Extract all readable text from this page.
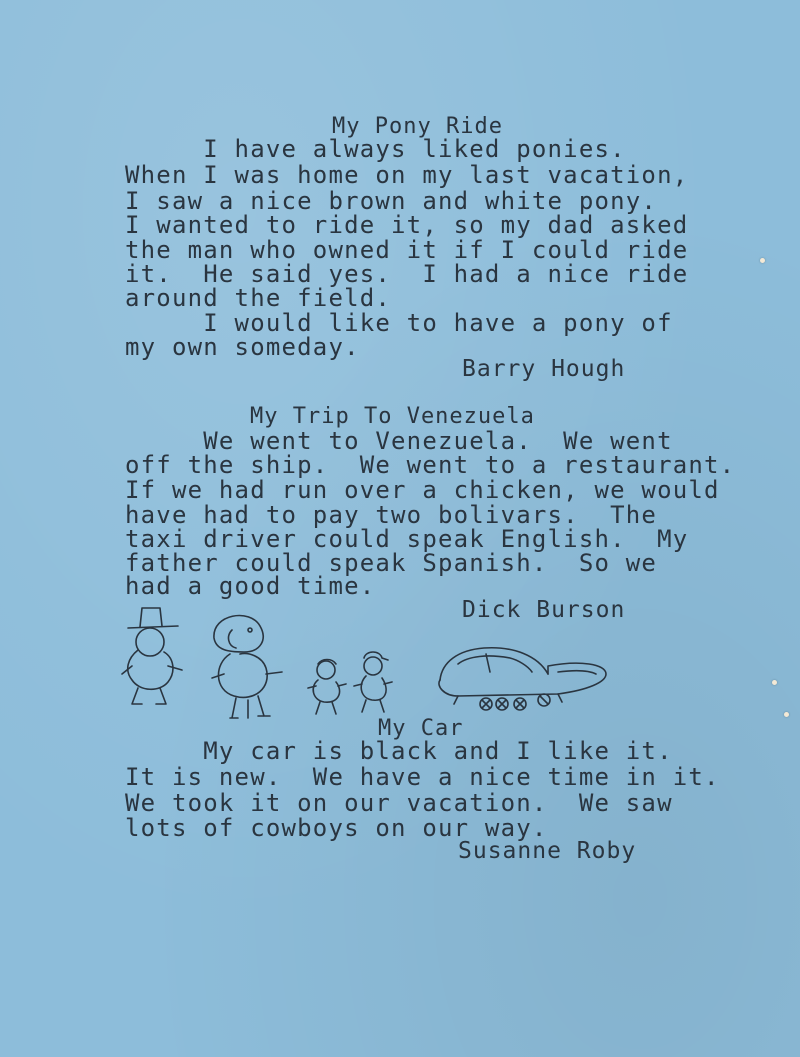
My Pony Ride
I have always liked ponies.
When I was home on my last vacation,
I saw a nice brown and white pony.
I wanted to ride it, so my dad asked
the man who owned it if I could ride
it.  He said yes.  I had a nice ride
around the field.
I would like to have a pony of
my own someday.
Barry Hough
My Trip To Venezuela
We went to Venezuela.  We went
off the ship.  We went to a restaurant.
If we had run over a chicken, we would
have had to pay two bolivars.  The
taxi driver could speak English.  My
father could speak Spanish.  So we
had a good time.
Dick Burson
My Car
My car is black and I like it.
It is new.  We have a nice time in it.
We took it on our vacation.  We saw
lots of cowboys on our way.
Susanne Roby
